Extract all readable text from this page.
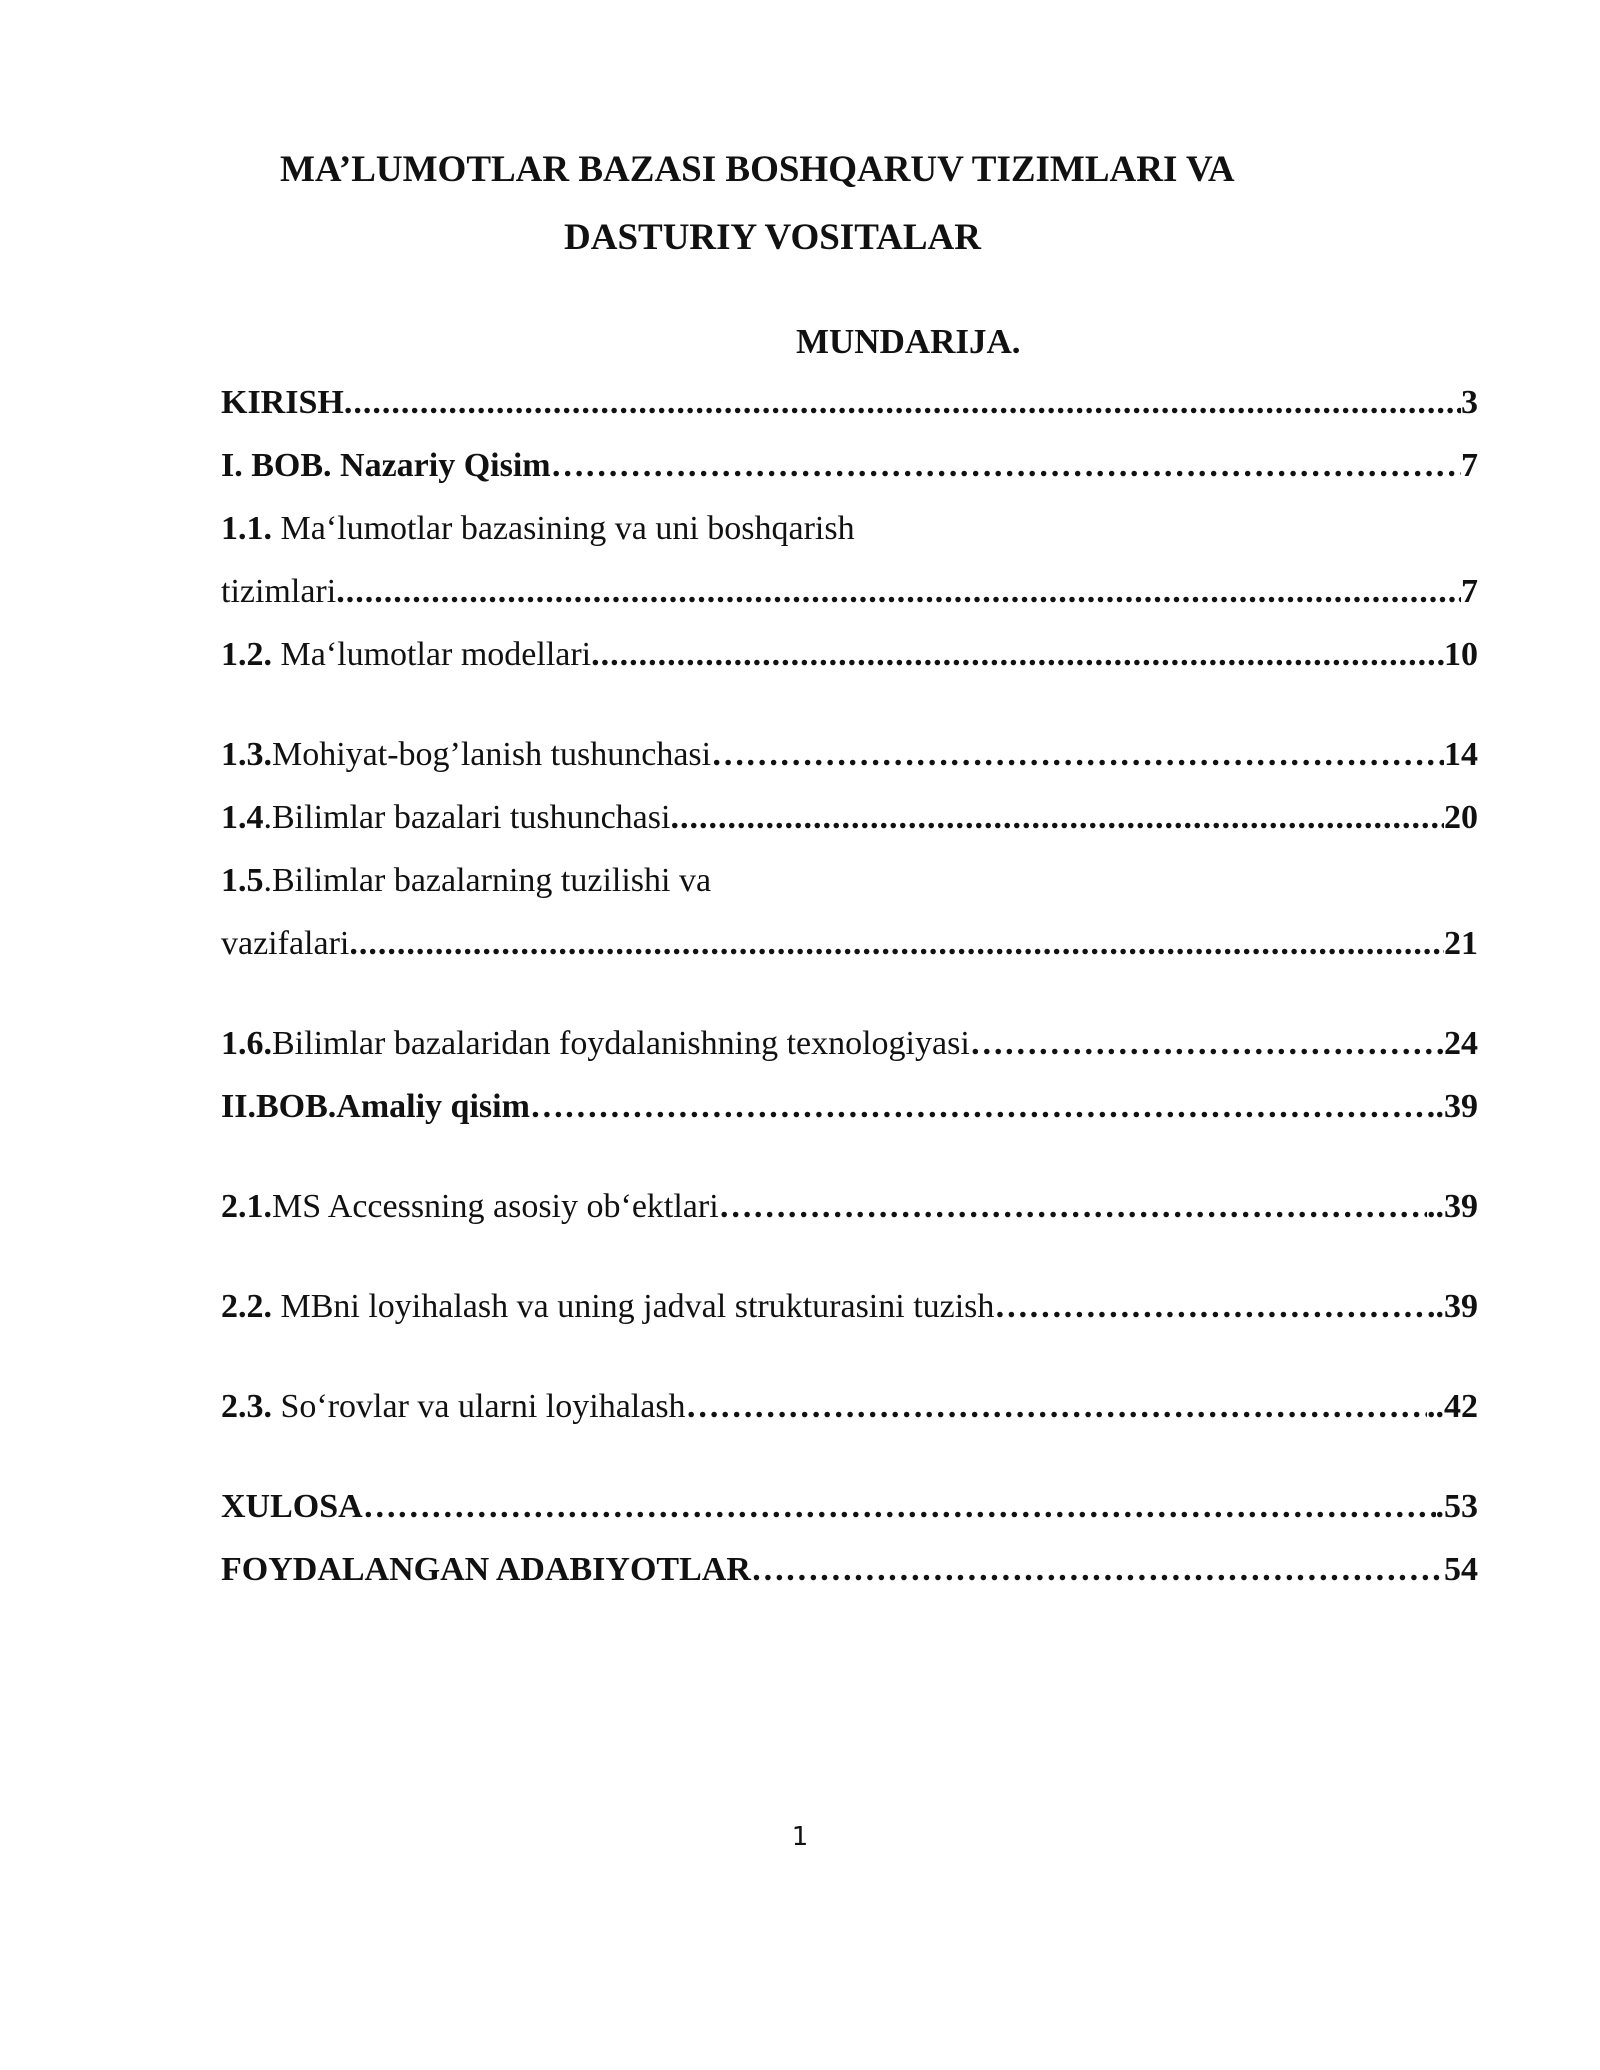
MA’LUMOTLAR BAZASI BOSHQARUV TIZIMLARI VA
DASTURIY VOSITALAR
MUNDARIJA.
KIRISH .....	3
I. BOB. Nazariy Qisim …………………………………………………………………………………………………………………………………………………………………………………………………………	7
1.1. Ma‘lumotlar bazasining va uni boshqarish
tizimlari .....	7
1.2. Ma‘lumotlar modellari .....	10
1.3.Mohiyat-bog’lanish tushunchasi …………………………………………………………………………………………………………………………………………………………………………………………………………	14
1.4.Bilimlar bazalari tushunchasi .....	20
1.5.Bilimlar bazalarning tuzilishi va
vazifalari .....	21
1.6.Bilimlar bazalaridan foydalanishning texnologiyasi …………………………………………………………………………………………………………………………………………………………………………………………………………	24
II.BOB.Amaliy qisim …………………………………………………………………………………………………………………………………………………………………………………………………………	.39
2.1.MS Accessning asosiy ob‘ektlari …………………………………………………………………………………………………………………………………………………………………………………………………………	..39
2.2. MBni loyihalash va uning jadval strukturasini tuzish …………………………………………………………………………………………………………………………………………………………………………………………………………	..39
2.3. So‘rovlar va ularni loyihalash …………………………………………………………………………………………………………………………………………………………………………………………………………	..42
XULOSA …………………………………………………………………………………………………………………………………………………………………………………………………………	.53
FOYDALANGAN ADABIYOTLAR …………………………………………………………………………………………………………………………………………………………………………………………………………	54
1
